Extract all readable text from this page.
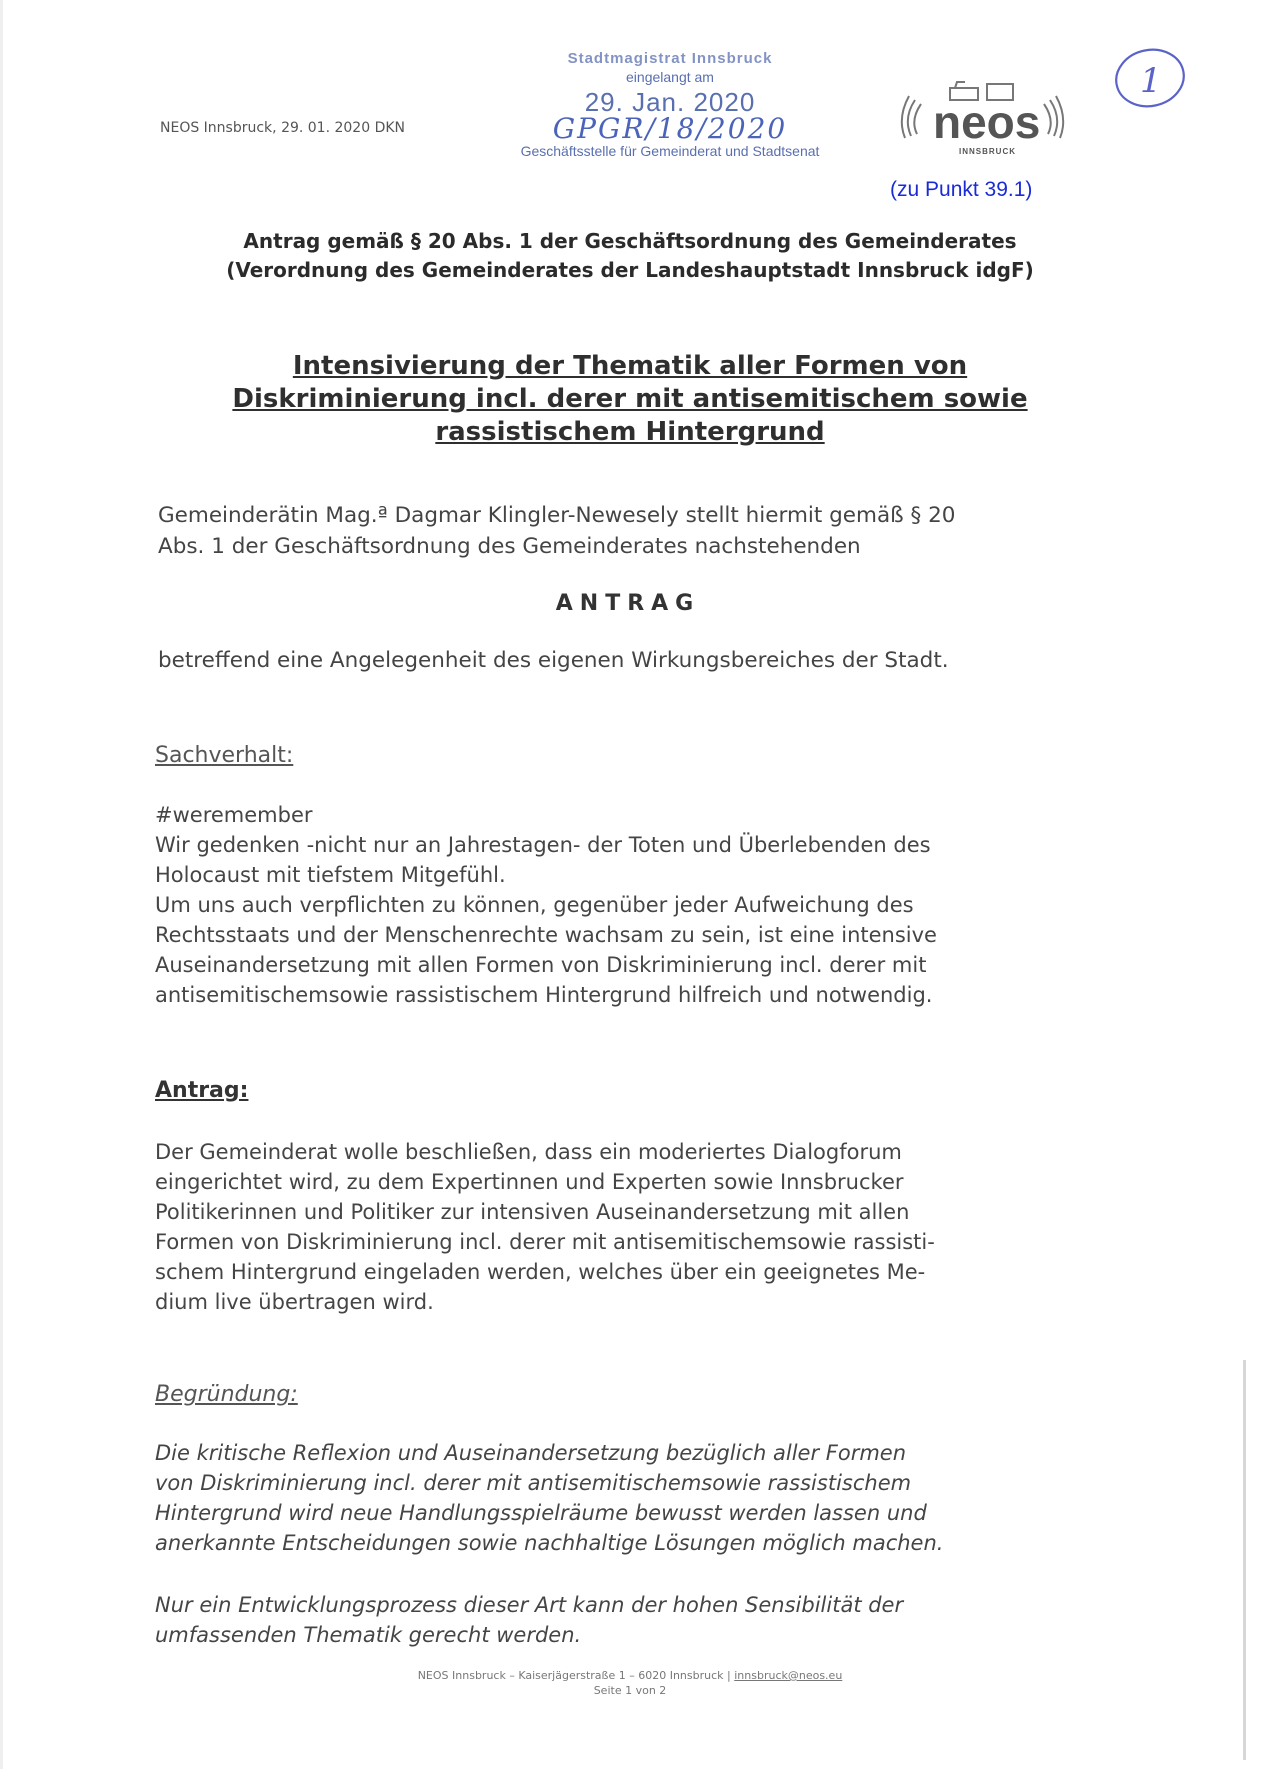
NEOS Innsbruck, 29. 01. 2020 DKN
Stadtmagistrat Innsbruck
eingelangt am
29. Jan. 2020
GPGR/18/2020
Geschäftsstelle für Gemeinderat und Stadtsenat
neos
INNSBRUCK
1
(zu Punkt 39.1)
Antrag gemäß § 20 Abs. 1 der Geschäftsordnung des Gemeinderates
(Verordnung des Gemeinderates der Landeshauptstadt Innsbruck idgF)
Intensivierung der Thematik aller Formen von
Diskriminierung incl. derer mit antisemitischem sowie
rassistischem Hintergrund
Gemeinderätin Mag.ª Dagmar Klingler-Newesely stellt hiermit gemäß § 20
Abs. 1 der Geschäftsordnung des Gemeinderates nachstehenden
ANTRAG
betreffend eine Angelegenheit des eigenen Wirkungsbereiches der Stadt.
Sachverhalt:
#weremember
Wir gedenken -nicht nur an Jahrestagen- der Toten und Überlebenden des
Holocaust mit tiefstem Mitgefühl.
Um uns auch verpflichten zu können, gegenüber jeder Aufweichung des
Rechtsstaats und der Menschenrechte wachsam zu sein, ist eine intensive
Auseinandersetzung mit allen Formen von Diskriminierung incl. derer mit
antisemitischemsowie rassistischem Hintergrund hilfreich und notwendig.
Antrag:
Der Gemeinderat wolle beschließen, dass ein moderiertes Dialogforum
eingerichtet wird, zu dem Expertinnen und Experten sowie Innsbrucker
Politikerinnen und Politiker zur intensiven Auseinandersetzung mit allen
Formen von Diskriminierung incl. derer mit antisemitischemsowie rassisti-
schem Hintergrund eingeladen werden, welches über ein geeignetes Me-
dium live übertragen wird.
Begründung:
Die kritische Reflexion und Auseinandersetzung bezüglich aller Formen
von Diskriminierung incl. derer mit antisemitischemsowie rassistischem
Hintergrund wird neue Handlungsspielräume bewusst werden lassen und
anerkannte Entscheidungen sowie nachhaltige Lösungen möglich machen.
Nur ein Entwicklungsprozess dieser Art kann der hohen Sensibilität der
umfassenden Thematik gerecht werden.
NEOS Innsbruck – Kaiserjägerstraße 1 – 6020 Innsbruck | innsbruck@neos.eu
Seite 1 von 2
